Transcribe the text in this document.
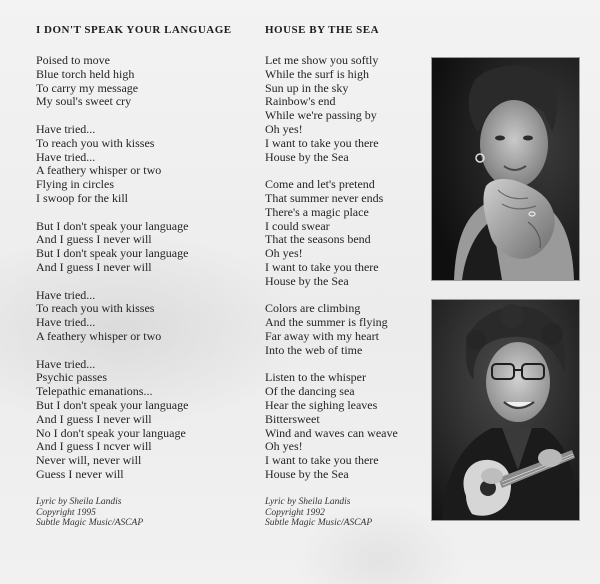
I DON'T SPEAK YOUR LANGUAGE
Poised to move
Blue torch held high
To carry my message
My soul's sweet cry
Have tried...
To reach you with kisses
Have tried...
A feathery whisper or two
Flying in circles
I swoop for the kill
But I don't speak your language
And I guess I never will
But I don't speak your language
And I guess I never will
Have tried...
To reach you with kisses
Have tried...
A feathery whisper or two
Have tried...
Psychic passes
Telepathic emanations...
But I don't speak your language
And I guess I never will
No I don't speak your language
And I guess I ncver will
Never will, never will
Guess I never will
Lyric by Sheila Landis
Copyright 1995
Subtle Magic Music/ASCAP
HOUSE BY THE SEA
Let me show you softly
While the surf is high
Sun up in the sky
Rainbow's end
While we're passing by
Oh yes!
I want to take you there
House by the Sea
Come and let's pretend
That summer never ends
There's a magic place
I could swear
That the seasons bend
Oh yes!
I want to take you there
House by the Sea
Colors are climbing
And the summer is flying
Far away with my heart
Into the web of time
Listen to the whisper
Of the dancing sea
Hear the sighing leaves
Bittersweet
Wind and waves can weave
Oh yes!
I want to take you there
House by the Sea
Lyric by Sheila Landis
Copyright 1992
Subtle Magic Music/ASCAP
